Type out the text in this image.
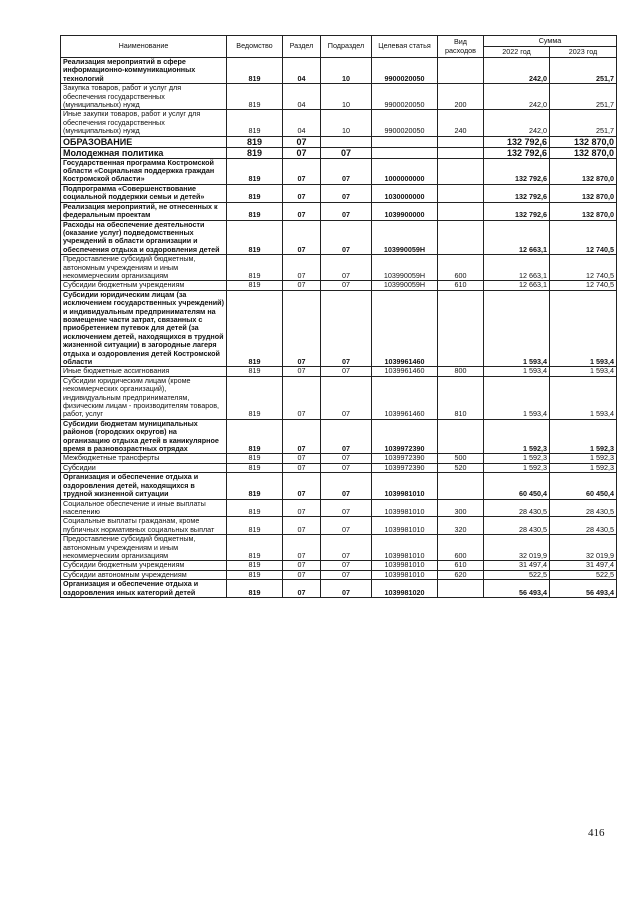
Наименование	Ведомство	Раздел	Подраздел	Целевая статья	Вид расходов	Сумма	
						2022 год	2023 год
Реализация мероприятий в сфере информационно-коммуникационных технологий	819	04	10	9900020050		242,0	251,7
Закупка товаров, работ и услуг для обеспечения государственных (муниципальных) нужд	819	04	10	9900020050	200	242,0	251,7
Иные закупки товаров, работ и услуг для обеспечения государственных (муниципальных) нужд	819	04	10	9900020050	240	242,0	251,7
ОБРАЗОВАНИЕ	819	07				132 792,6	132 870,0
Молодежная политика	819	07	07			132 792,6	132 870,0
Государственная программа Костромской области «Социальная поддержка граждан Костромской области»	819	07	07	1000000000		132 792,6	132 870,0
Подпрограмма «Совершенствование социальной поддержки семьи и детей»	819	07	07	1030000000		132 792,6	132 870,0
Реализация мероприятий, не отнесенных к федеральным проектам	819	07	07	1039900000		132 792,6	132 870,0
Расходы на обеспечение деятельности (оказание услуг) подведомственных учреждений в области организации и обеспечения отдыха и оздоровления детей	819	07	07	103990059Н		12 663,1	12 740,5
Предоставление субсидий бюджетным, автономным учреждениям и иным некоммерческим организациям	819	07	07	103990059Н	600	12 663,1	12 740,5
Субсидии бюджетным учреждениям	819	07	07	103990059Н	610	12 663,1	12 740,5
Субсидии юридическим лицам (за исключением государственных учреждений) и индивидуальным предпринимателям на возмещение части затрат, связанных с приобретением путевок для детей (за исключением детей, находящихся в трудной жизненной ситуации) в загородные лагеря отдыха и оздоровления детей Костромской области	819	07	07	1039961460		1 593,4	1 593,4
Иные бюджетные ассигнования	819	07	07	1039961460	800	1 593,4	1 593,4
Субсидии юридическим лицам (кроме некоммерческих организаций), индивидуальным предпринимателям, физическим лицам - производителям товаров, работ, услуг	819	07	07	1039961460	810	1 593,4	1 593,4
Субсидии бюджетам муниципальных районов (городских округов) на организацию отдыха детей в каникулярное время в разновозрастных отрядах	819	07	07	1039972390		1 592,3	1 592,3
Межбюджетные трансферты	819	07	07	1039972390	500	1 592,3	1 592,3
Субсидии	819	07	07	1039972390	520	1 592,3	1 592,3
Организация и обеспечение отдыха и оздоровления детей, находящихся в трудной жизненной ситуации	819	07	07	1039981010		60 450,4	60 450,4
Социальное обеспечение и иные выплаты населению	819	07	07	1039981010	300	28 430,5	28 430,5
Социальные выплаты гражданам, кроме публичных нормативных социальных выплат	819	07	07	1039981010	320	28 430,5	28 430,5
Предоставление субсидий бюджетным, автономным учреждениям и иным некоммерческим организациям	819	07	07	1039981010	600	32 019,9	32 019,9
Субсидии бюджетным учреждениям	819	07	07	1039981010	610	31 497,4	31 497,4
Субсидии автономным учреждениям	819	07	07	1039981010	620	522,5	522,5
Организация и обеспечение отдыха и оздоровления иных категорий детей	819	07	07	1039981020		56 493,4	56 493,4
416
